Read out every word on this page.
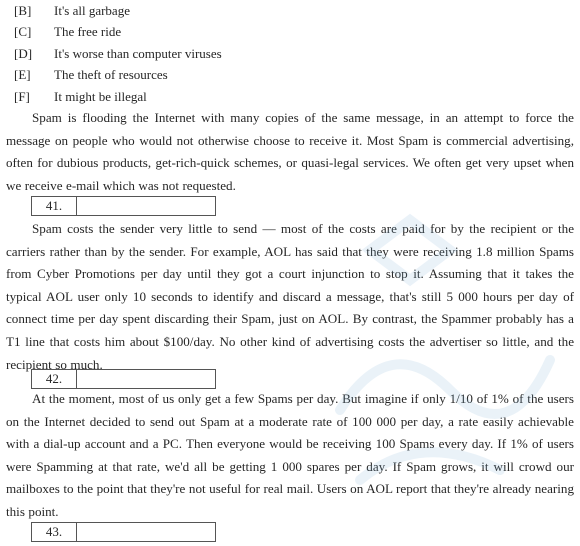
[B] It's all garbage
[C] The free ride
[D] It's worse than computer viruses
[E] The theft of resources
[F] It might be illegal

Spam is flooding the Internet with many copies of the same message, in an attempt to force the message on people who would not otherwise choose to receive it. Most Spam is commercial advertising, often for dubious products, get-rich-quick schemes, or quasi-legal services. We often get very upset when we receive e-mail which was not requested.

41.

Spam costs the sender very little to send — most of the costs are paid for by the recipient or the carriers rather than by the sender. For example, AOL has said that they were receiving 1.8 million Spams from Cyber Promotions per day until they got a court injunction to stop it. Assuming that it takes the typical AOL user only 10 seconds to identify and discard a message, that's still 5 000 hours per day of connect time per day spent discarding their Spam, just on AOL. By contrast, the Spammer probably has a T1 line that costs him about $100/day. No other kind of advertising costs the advertiser so little, and the recipient so much.

42.

At the moment, most of us only get a few Spams per day. But imagine if only 1/10 of 1% of the users on the Internet decided to send out Spam at a moderate rate of 100 000 per day, a rate easily achievable with a dial-up account and a PC. Then everyone would be receiving 100 Spams every day. If 1% of users were Spamming at that rate, we'd all be getting 1 000 spares per day. If Spam grows, it will crowd our mailboxes to the point that they're not useful for real mail. Users on AOL report that they're already nearing this point.

43.
